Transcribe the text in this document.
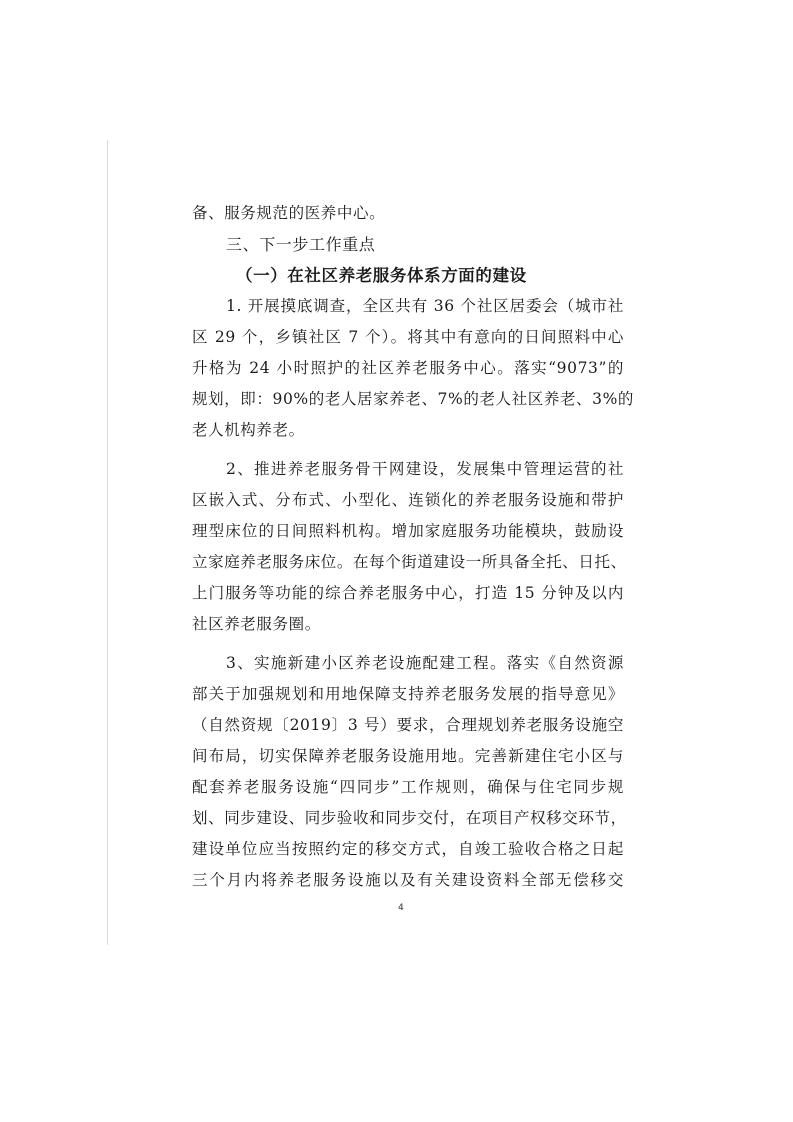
备、服务规范的医养中心。
三、下一步工作重点
（一）在社区养老服务体系方面的建设
1. 开展摸底调查，全区共有 36 个社区居委会（城市社
区 29 个，乡镇社区 7 个）。将其中有意向的日间照料中心
升格为 24 小时照护的社区养老服务中心。落实“9073”的
规划，即：90%的老人居家养老、7%的老人社区养老、3%的
老人机构养老。
2、推进养老服务骨干网建设，发展集中管理运营的社
区嵌入式、分布式、小型化、连锁化的养老服务设施和带护
理型床位的日间照料机构。增加家庭服务功能模块，鼓励设
立家庭养老服务床位。在每个街道建设一所具备全托、日托、
上门服务等功能的综合养老服务中心，打造 15 分钟及以内
社区养老服务圈。
3、实施新建小区养老设施配建工程。落实《自然资源
部关于加强规划和用地保障支持养老服务发展的指导意见》
（自然资规〔2019〕3 号）要求，合理规划养老服务设施空
间布局，切实保障养老服务设施用地。完善新建住宅小区与
配套养老服务设施“四同步”工作规则，确保与住宅同步规
划、同步建设、同步验收和同步交付，在项目产权移交环节，
建设单位应当按照约定的移交方式，自竣工验收合格之日起
三个月内将养老服务设施以及有关建设资料全部无偿移交
4
